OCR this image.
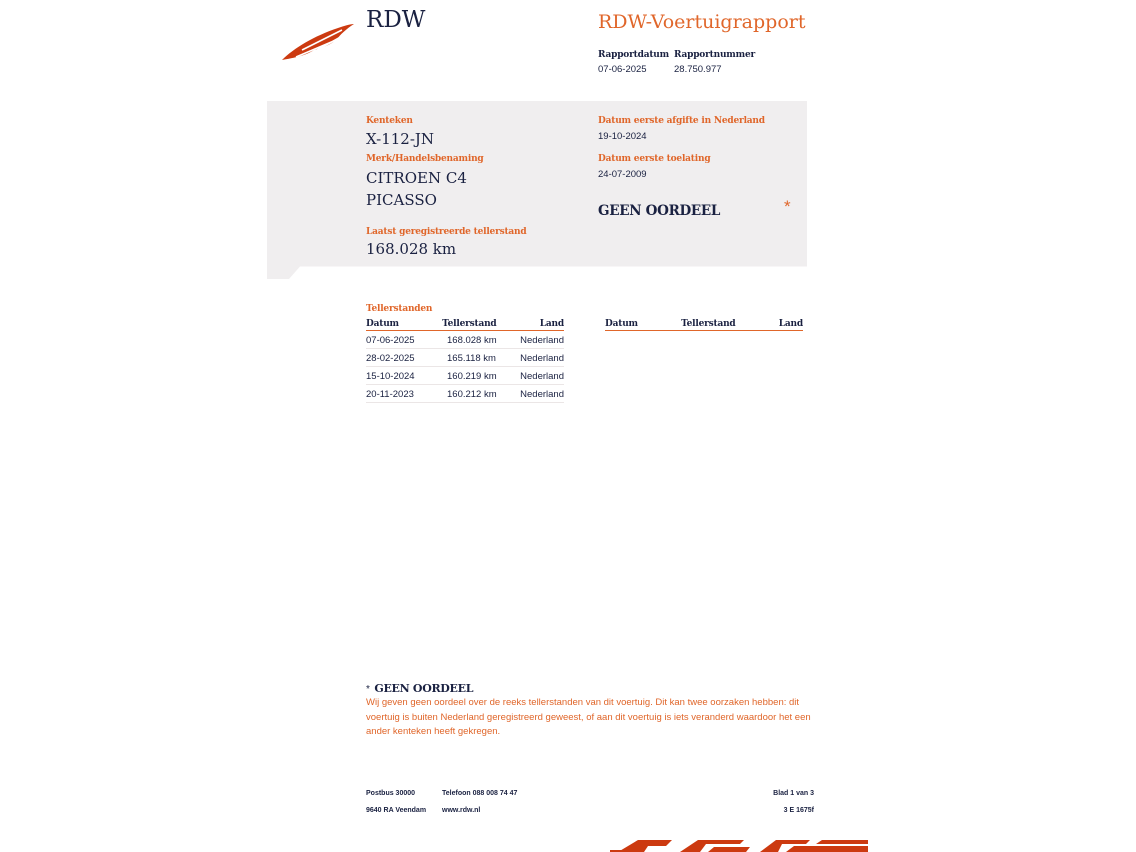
RDW	RDW-Voertuigrapport
Rapportdatum
07-06-2025
Rapportnummer
28.750.977
Kenteken
X-112-JN
Merk/Handelsbenaming
CITROEN C4
PICASSO
Laatst geregistreerde tellerstand
168.028 km
Datum eerste afgifte in Nederland
19-10-2024
Datum eerste toelating
24-07-2009
GEEN OORDEEL	*
Tellerstanden
Datum	Tellerstand	Land
07-06-2025	168.028 km Nederland
28-02-2025	165.118 km	Nederland
15-10-2024	160.219 km Nederland
20-11-2023	160.212 km Nederland
Datum	Tellerstand	Land
* GEEN OORDEEL
Wij geven geen oordeel over de reeks tellerstanden van dit voertuig. Dit kan twee oorzaken hebben: dit voertuig is buiten Nederland geregistreerd geweest, of aan dit voertuig is iets veranderd waardoor het een ander kenteken heeft gekregen.
Postbus 30000
9640 RA Veendam
Telefoon 088 008 74 47
www.rdw.nl
Blad 1 van 3
3 E 1675f
